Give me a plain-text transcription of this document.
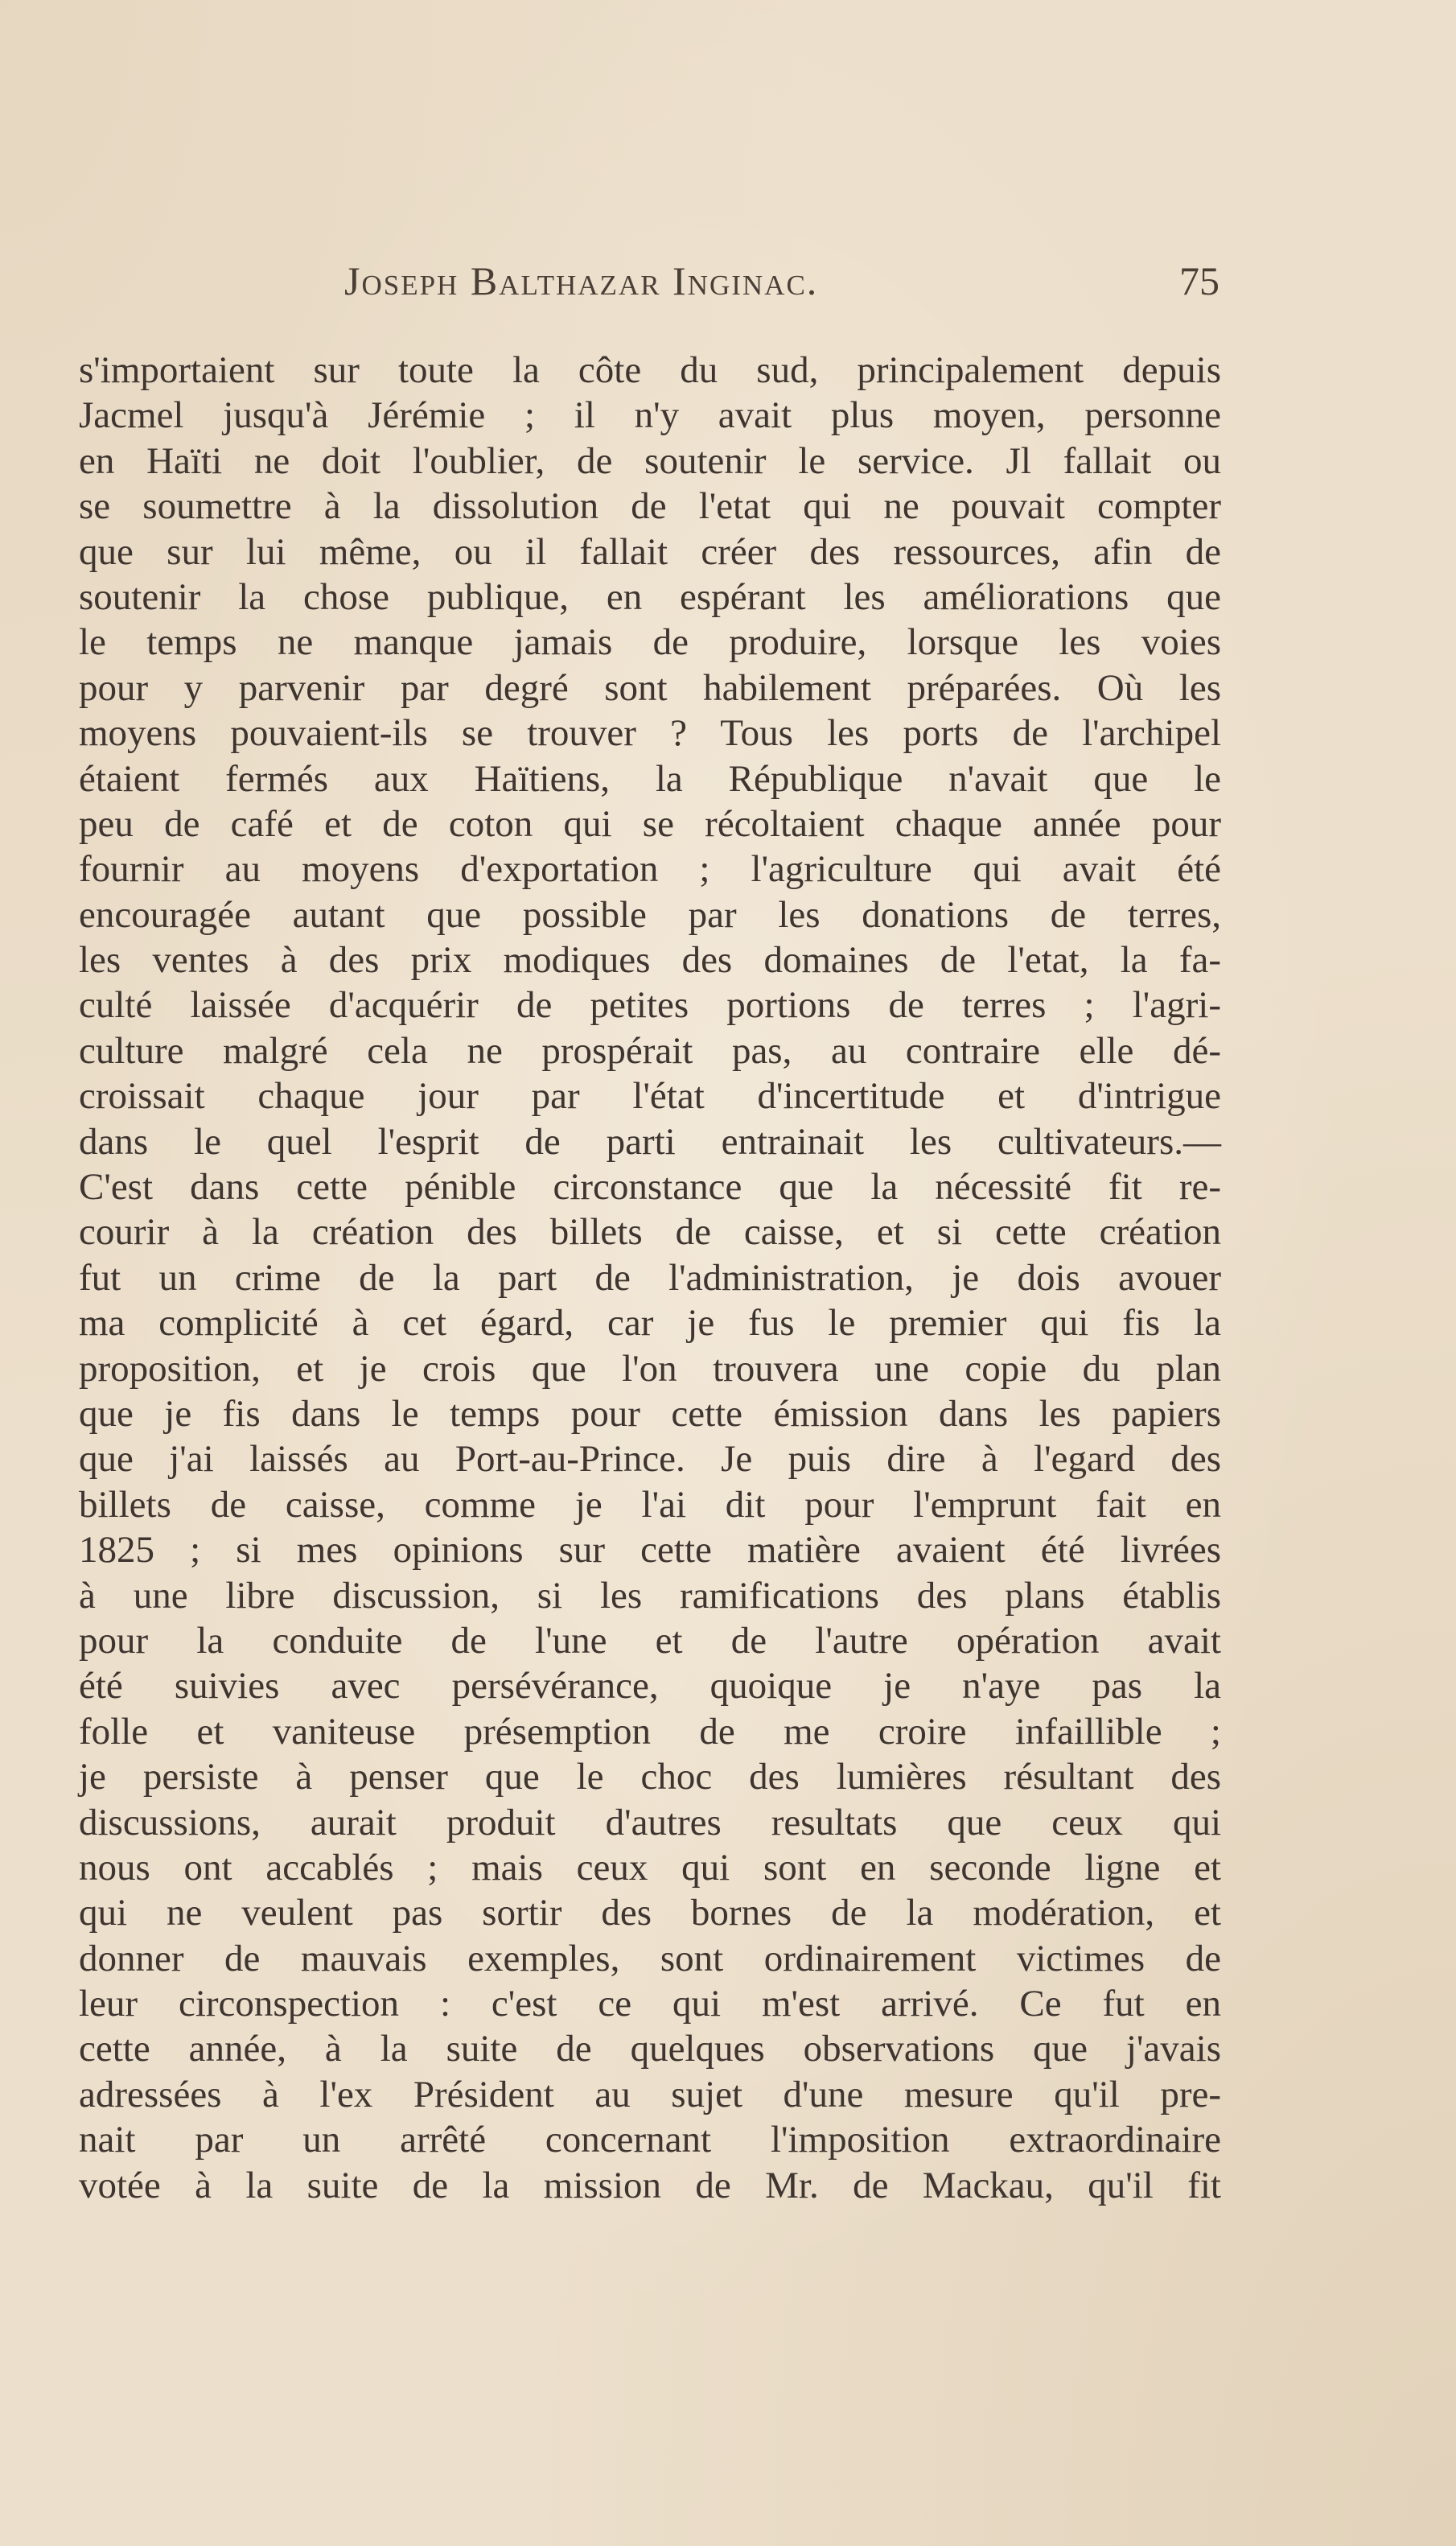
Joseph Balthazar Inginac.	75
s'importaient sur toute la côte du sud, principalement depuis
Jacmel jusqu'à Jérémie ; il n'y avait plus moyen, personne
en Haïti ne doit l'oublier, de soutenir le service. Jl fallait ou
se soumettre à la dissolution de l'etat qui ne pouvait compter
que sur lui même, ou il fallait créer des ressources, afin de
soutenir la chose publique, en espérant les améliorations que
le temps ne manque jamais de produire, lorsque les voies
pour y parvenir par degré sont habilement préparées. Où les
moyens pouvaient-ils se trouver ? Tous les ports de l'archipel
étaient fermés aux Haïtiens, la République n'avait que le
peu de café et de coton qui se récoltaient chaque année pour
fournir au moyens d'exportation ; l'agriculture qui avait été
encouragée autant que possible par les donations de terres,
les ventes à des prix modiques des domaines de l'etat, la fa-
culté laissée d'acquérir de petites portions de terres ; l'agri-
culture malgré cela ne prospérait pas, au contraire elle dé-
croissait chaque jour par l'état d'incertitude et d'intrigue
dans le quel l'esprit de parti entrainait les cultivateurs.—
C'est dans cette pénible circonstance que la nécessité fit re-
courir à la création des billets de caisse, et si cette création
fut un crime de la part de l'administration, je dois avouer
ma complicité à cet égard, car je fus le premier qui fis la
proposition, et je crois que l'on trouvera une copie du plan
que je fis dans le temps pour cette émission dans les papiers
que j'ai laissés au Port-au-Prince. Je puis dire à l'egard des
billets de caisse, comme je l'ai dit pour l'emprunt fait en
1825 ; si mes opinions sur cette matière avaient été livrées
à une libre discussion, si les ramifications des plans établis
pour la conduite de l'une et de l'autre opération avait
été suivies avec persévérance, quoique je n'aye pas la
folle et vaniteuse présemption de me croire infaillible ;
je persiste à penser que le choc des lumières résultant des
discussions, aurait produit d'autres resultats que ceux qui
nous ont accablés ; mais ceux qui sont en seconde ligne et
qui ne veulent pas sortir des bornes de la modération, et
donner de mauvais exemples, sont ordinairement victimes de
leur circonspection : c'est ce qui m'est arrivé. Ce fut en
cette année, à la suite de quelques observations que j'avais
adressées à l'ex Président au sujet d'une mesure qu'il pre-
nait par un arrêté concernant l'imposition extraordinaire
votée à la suite de la mission de Mr. de Mackau, qu'il fit
